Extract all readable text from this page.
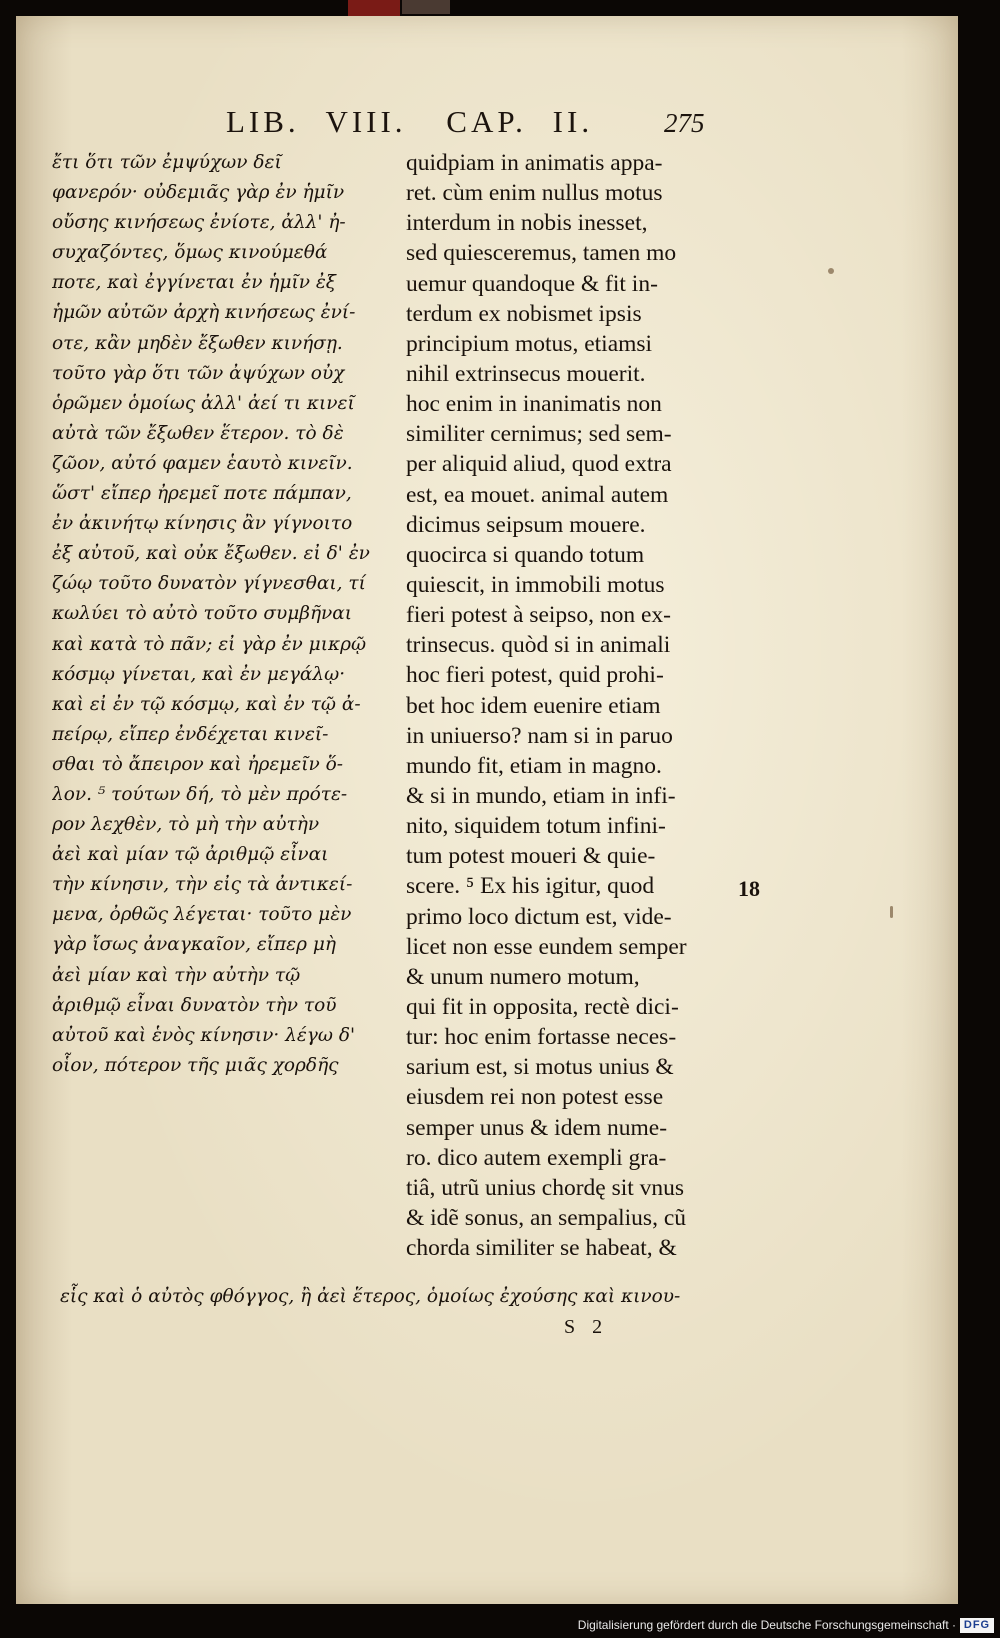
LIB. VIII. CAP. II.	275
ἔτι ὅτι τῶν ἐμψύχων δεῖ
φανερόν· οὐδεμιᾶς γὰρ ἐν ἡμῖν
οὔσης κινήσεως ἐνίοτε, ἀλλ' ἠ-
συχαζόντες, ὅμως κινούμεθά
ποτε, καὶ ἐγγίνεται ἐν ἡμῖν ἐξ
ἡμῶν αὐτῶν ἀρχὴ κινήσεως ἐνί-
οτε, κἂν μηδὲν ἔξωθεν κινήσῃ.
τοῦτο γὰρ ὅτι τῶν ἀψύχων οὐχ
ὁρῶμεν ὁμοίως ἀλλ' ἀεί τι κινεῖ
αὐτὰ τῶν ἔξωθεν ἕτερον. τὸ δὲ
ζῶον, αὐτό φαμεν ἑαυτὸ κινεῖν.
ὥστ' εἴπερ ἠρεμεῖ ποτε πάμπαν,
ἐν ἀκινήτῳ κίνησις ἂν γίγνοιτο
ἐξ αὐτοῦ, καὶ οὐκ ἔξωθεν. εἰ δ' ἐν
ζώῳ τοῦτο δυνατὸν γίγνεσθαι, τί
κωλύει τὸ αὐτὸ τοῦτο συμβῆναι
καὶ κατὰ τὸ πᾶν; εἰ γὰρ ἐν μικρῷ
κόσμῳ γίνεται, καὶ ἐν μεγάλῳ·
καὶ εἰ ἐν τῷ κόσμῳ, καὶ ἐν τῷ ἀ-
πείρῳ, εἴπερ ἐνδέχεται κινεῖ-
σθαι τὸ ἄπειρον καὶ ἠρεμεῖν ὅ-
λον. ⁵ τούτων δή, τὸ μὲν πρότε-
ρον λεχθὲν, τὸ μὴ τὴν αὐτὴν
ἀεὶ καὶ μίαν τῷ ἀριθμῷ εἶναι
τὴν κίνησιν, τὴν εἰς τὰ ἀντικεί-
μενα, ὀρθῶς λέγεται· τοῦτο μὲν
γὰρ ἴσως ἀναγκαῖον, εἴπερ μὴ
ἀεὶ μίαν καὶ τὴν αὐτὴν τῷ
ἀριθμῷ εἶναι δυνατὸν τὴν τοῦ
αὐτοῦ καὶ ἑνὸς κίνησιν· λέγω δ'
οἷον, πότερον τῆς μιᾶς χορδῆς
quidpiam in animatis appa-
ret. cùm enim nullus motus
interdum in nobis inesset,
sed quiesceremus, tamen mo
uemur quandoque & fit in-
terdum ex nobismet ipsis
principium motus, etiamsi
nihil extrinsecus mouerit.
hoc enim in inanimatis non
similiter cernimus; sed sem-
per aliquid aliud, quod extra
est, ea mouet. animal autem
dicimus seipsum mouere.
quocirca si quando totum
quiescit, in immobili motus
fieri potest à seipso, non ex-
trinsecus. quòd si in animali
hoc fieri potest, quid prohi-
bet hoc idem euenire etiam
in uniuerso? nam si in paruo
mundo fit, etiam in magno.
& si in mundo, etiam in infi-
nito, siquidem totum infini-
tum potest moueri & quie-
scere. ⁵ Ex his igitur, quod
primo loco dictum est, vide-
licet non esse eundem semper
& unum numero motum,
qui fit in opposita, rectè dici-
tur: hoc enim fortasse neces-
sarium est, si motus unius &
eiusdem rei non potest esse
semper unus & idem nume-
ro. dico autem exempli gra-
tiâ, utrũ unius chordę sit vnus
& idẽ sonus, an sempalius, cũ
chorda similiter se habeat, &
18
εἷς καὶ ὁ αὐτὸς φθόγγος, ἢ ἀεὶ ἕτερος, ὁμοίως ἐχούσης καὶ κινου-
S 2
Digitalisierung gefördert durch die Deutsche Forschungsgemeinschaft · DFG
